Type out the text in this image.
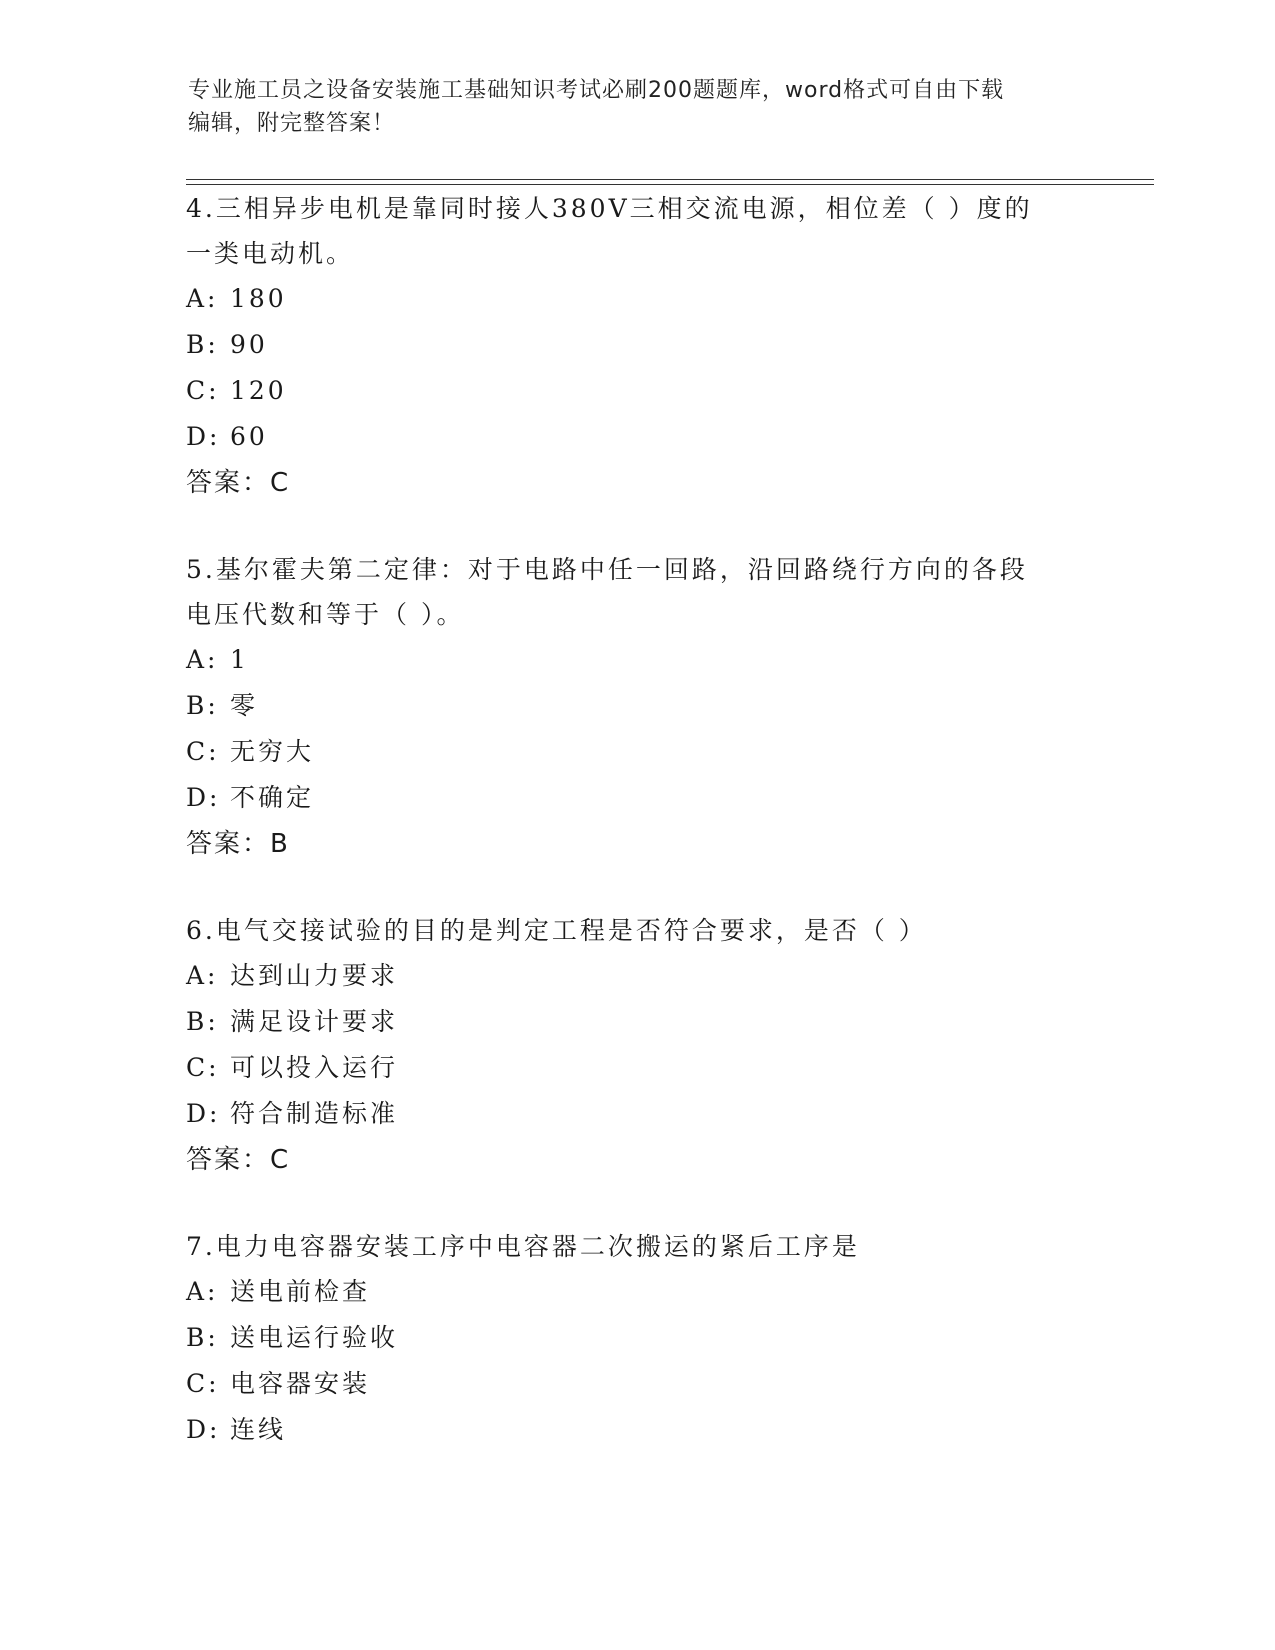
专业施工员之设备安装施工基础知识考试必刷200题题库，word格式可自由下载
编辑，附完整答案！

4.三相异步电机是靠同时接人380V三相交流电源，相位差（ ）度的

一类电动机。

A: 180

B: 90

C: 120

D: 60

答案：C

5.基尔霍夫第二定律：对于电路中任一回路，沿回路绕行方向的各段

电压代数和等于（ ）。

A: 1

B: 零

C: 无穷大

D: 不确定

答案：B

6.电气交接试验的目的是判定工程是否符合要求，是否（ ）

A: 达到山力要求

B: 满足设计要求

C: 可以投入运行

D: 符合制造标准

答案：C

7.电力电容器安装工序中电容器二次搬运的紧后工序是

A: 送电前检查

B: 送电运行验收

C: 电容器安装

D: 连线
